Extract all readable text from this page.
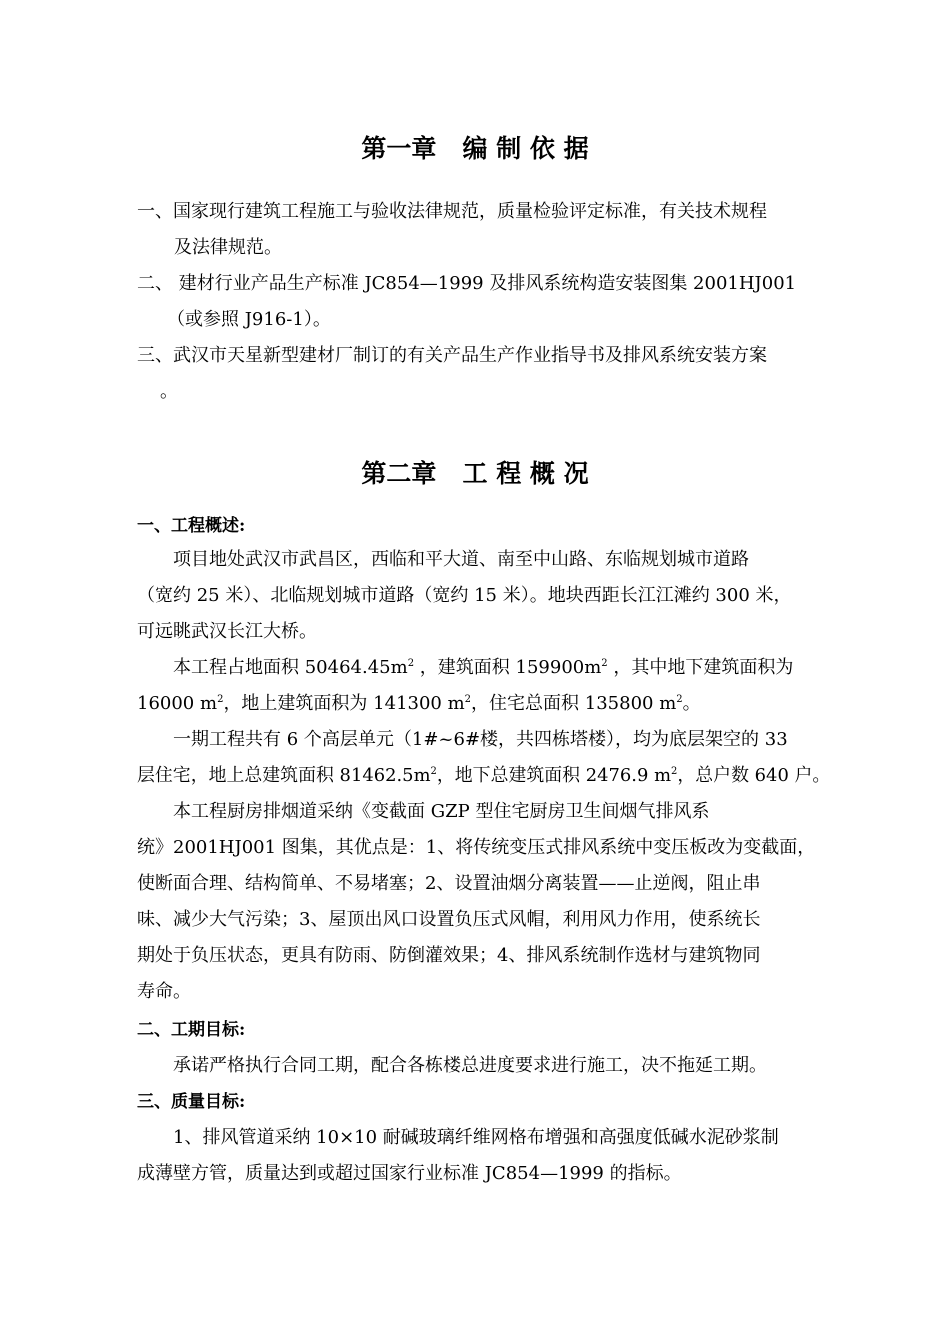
第一章   编 制 依 据
一、国家现行建筑工程施工与验收法律规范，质量检验评定标准，有关技术规程
及法律规范。
二、 建材行业产品生产标准 JC854—1999 及排风系统构造安装图集 2001HJ001
（或参照 J916-1）。
三、武汉市天星新型建材厂制订的有关产品生产作业指导书及排风系统安装方案
。
第二章   工 程 概 况
一、工程概述:
项目地处武汉市武昌区，西临和平大道、南至中山路、东临规划城市道路
（宽约 25 米）、北临规划城市道路（宽约 15 米）。地块西距长江江滩约 300 米，
可远眺武汉长江大桥。
本工程占地面积 $50464.45m^2$ ，建筑面积 $159900m^2$ ，其中地下建筑面积为
16000 $m^2$，地上建筑面积为 141300 $m^2$，住宅总面积 135800 $m^2$。
一期工程共有 6 个高层单元（1#~6#楼，共四栋塔楼），均为底层架空的 33
层住宅，地上总建筑面积 $81462.5m^2$，地下总建筑面积 2476.9 $m^2$，总户数 640 户。
本工程厨房排烟道采纳《变截面 GZP 型住宅厨房卫生间烟气排风系
统》2001HJ001 图集，其优点是：1、将传统变压式排风系统中变压板改为变截面，
使断面合理、结构简单、不易堵塞；2、设置油烟分离装置——止逆阀，阻止串
味、减少大气污染；3、屋顶出风口设置负压式风帽，利用风力作用，使系统长
期处于负压状态，更具有防雨、防倒灌效果；4、排风系统制作选材与建筑物同
寿命。
二、工期目标:
承诺严格执行合同工期，配合各栋楼总进度要求进行施工，决不拖延工期。
三、质量目标:
1、排风管道采纳 10×10 耐碱玻璃纤维网格布增强和高强度低碱水泥砂浆制
成薄壁方管，质量达到或超过国家行业标准 JC854—1999 的指标。
